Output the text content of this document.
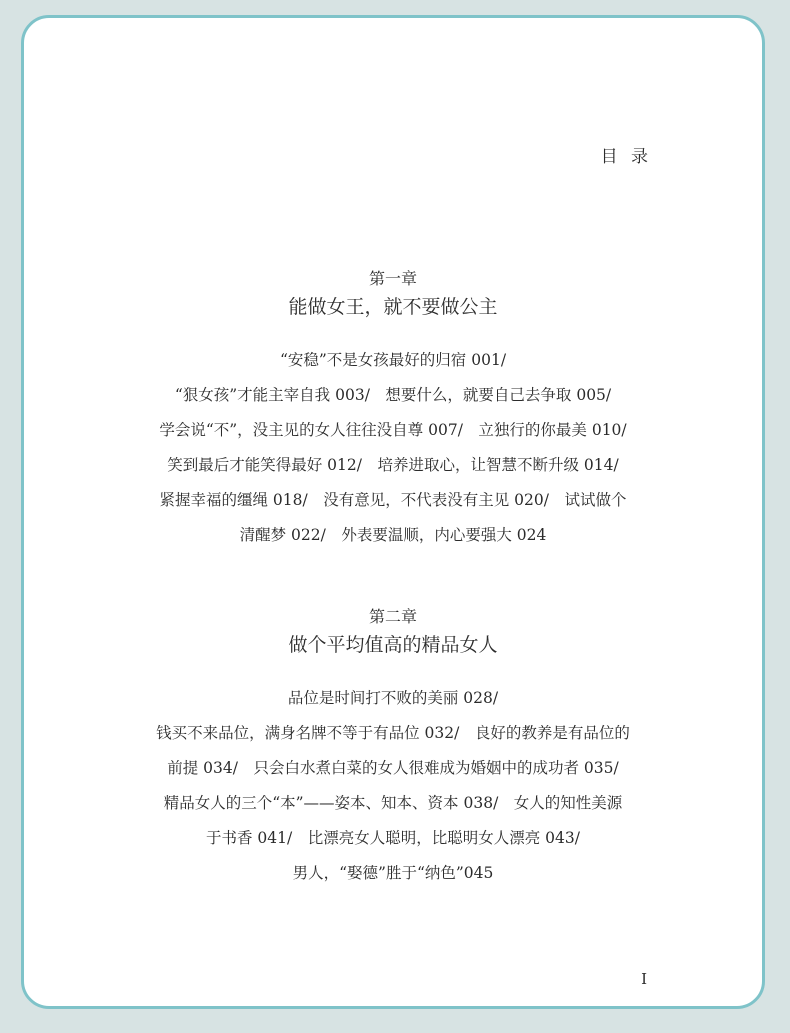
目 录
第一章
能做女王，就不要做公主
“安稳”不是女孩最好的归宿 001/
“狠女孩”才能主宰自我 003/　想要什么，就要自己去争取 005/
学会说“不”，没主见的女人往往没自尊 007/　立独行的你最美 010/
笑到最后才能笑得最好 012/　培养进取心，让智慧不断升级 014/
紧握幸福的缰绳 018/　没有意见，不代表没有主见 020/　试试做个
清醒梦 022/　外表要温顺，内心要强大 024
第二章
做个平均值高的精品女人
品位是时间打不败的美丽 028/
钱买不来品位，满身名牌不等于有品位 032/　良好的教养是有品位的
前提 034/　只会白水煮白菜的女人很难成为婚姻中的成功者 035/
精品女人的三个“本”——姿本、知本、资本 038/　女人的知性美源
于书香 041/　比漂亮女人聪明，比聪明女人漂亮 043/
男人，“娶德”胜于“纳色”045
I
